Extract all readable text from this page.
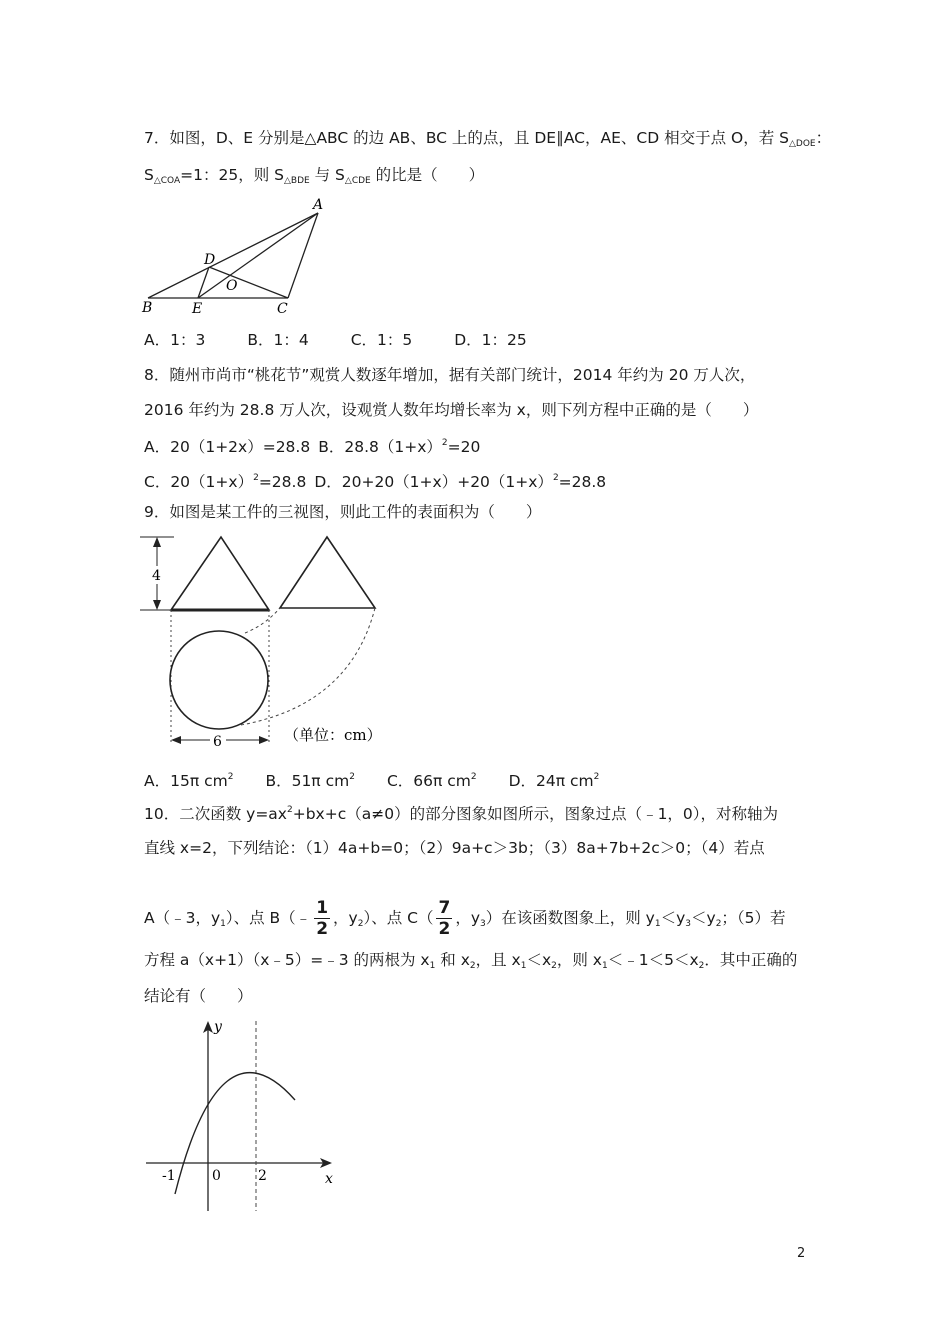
7．如图，D、E 分别是△ABC 的边 AB、BC 上的点，且 DE∥AC，AE、CD 相交于点 O，若 $S_{\triangle DOE}$：
$S_{\triangle COA}=1$：25，则 $S_{\triangle BDE}$ 与 $S_{\triangle CDE}$ 的比是（　　）
A
D
O
B	E	C
A．1：3	B．1：4	C．1：5	D．1：25
8．随州市尚市“桃花节”观赏人数逐年增加，据有关部门统计，2014 年约为 20 万人次，
2016 年约为 28.8 万人次，设观赏人数年均增长率为 x，则下列方程中正确的是（　　）
A．20（1+2x）=28.8 B．$28.8(1+x)^2=20$
C．$20(1+x)^2=28.8$ D．$20+20(1+x)+20(1+x)^2=28.8$
9．如图是某工件的三视图，则此工件的表面积为（　　）
4
6	（单位：cm）
A．15π $cm^2$ B．51π $cm^2$ C．66π $cm^2$ D．24π $cm^2$
10．二次函数 $y=ax^2+bx+c(a\ne 0)$的部分图象如图所示，图象过点（﹣1，0），对称轴为
直线 x=2，下列结论：（1）4a+b=0；（2）9a+c＞3b；（3）8a+7b+2c＞0；（4）若点
A（﹣3，$y_1$）、点 B（﹣ $\frac{1}{2}$ ，$y_2$）、点 $C( \frac{7}{2}$ ，$y_3$）在该函数图象上，则 $y_1<y_3<y_2$；（5）若
方程 a（x+1）（x﹣5）=﹣3 的两根为 $x_1$ 和 $x_2$，且 $x_1<x_2$，则 $x_1<﹣1<5<x_2$．其中正确的
结论有（　　）
y
x
-1	0	2
2
